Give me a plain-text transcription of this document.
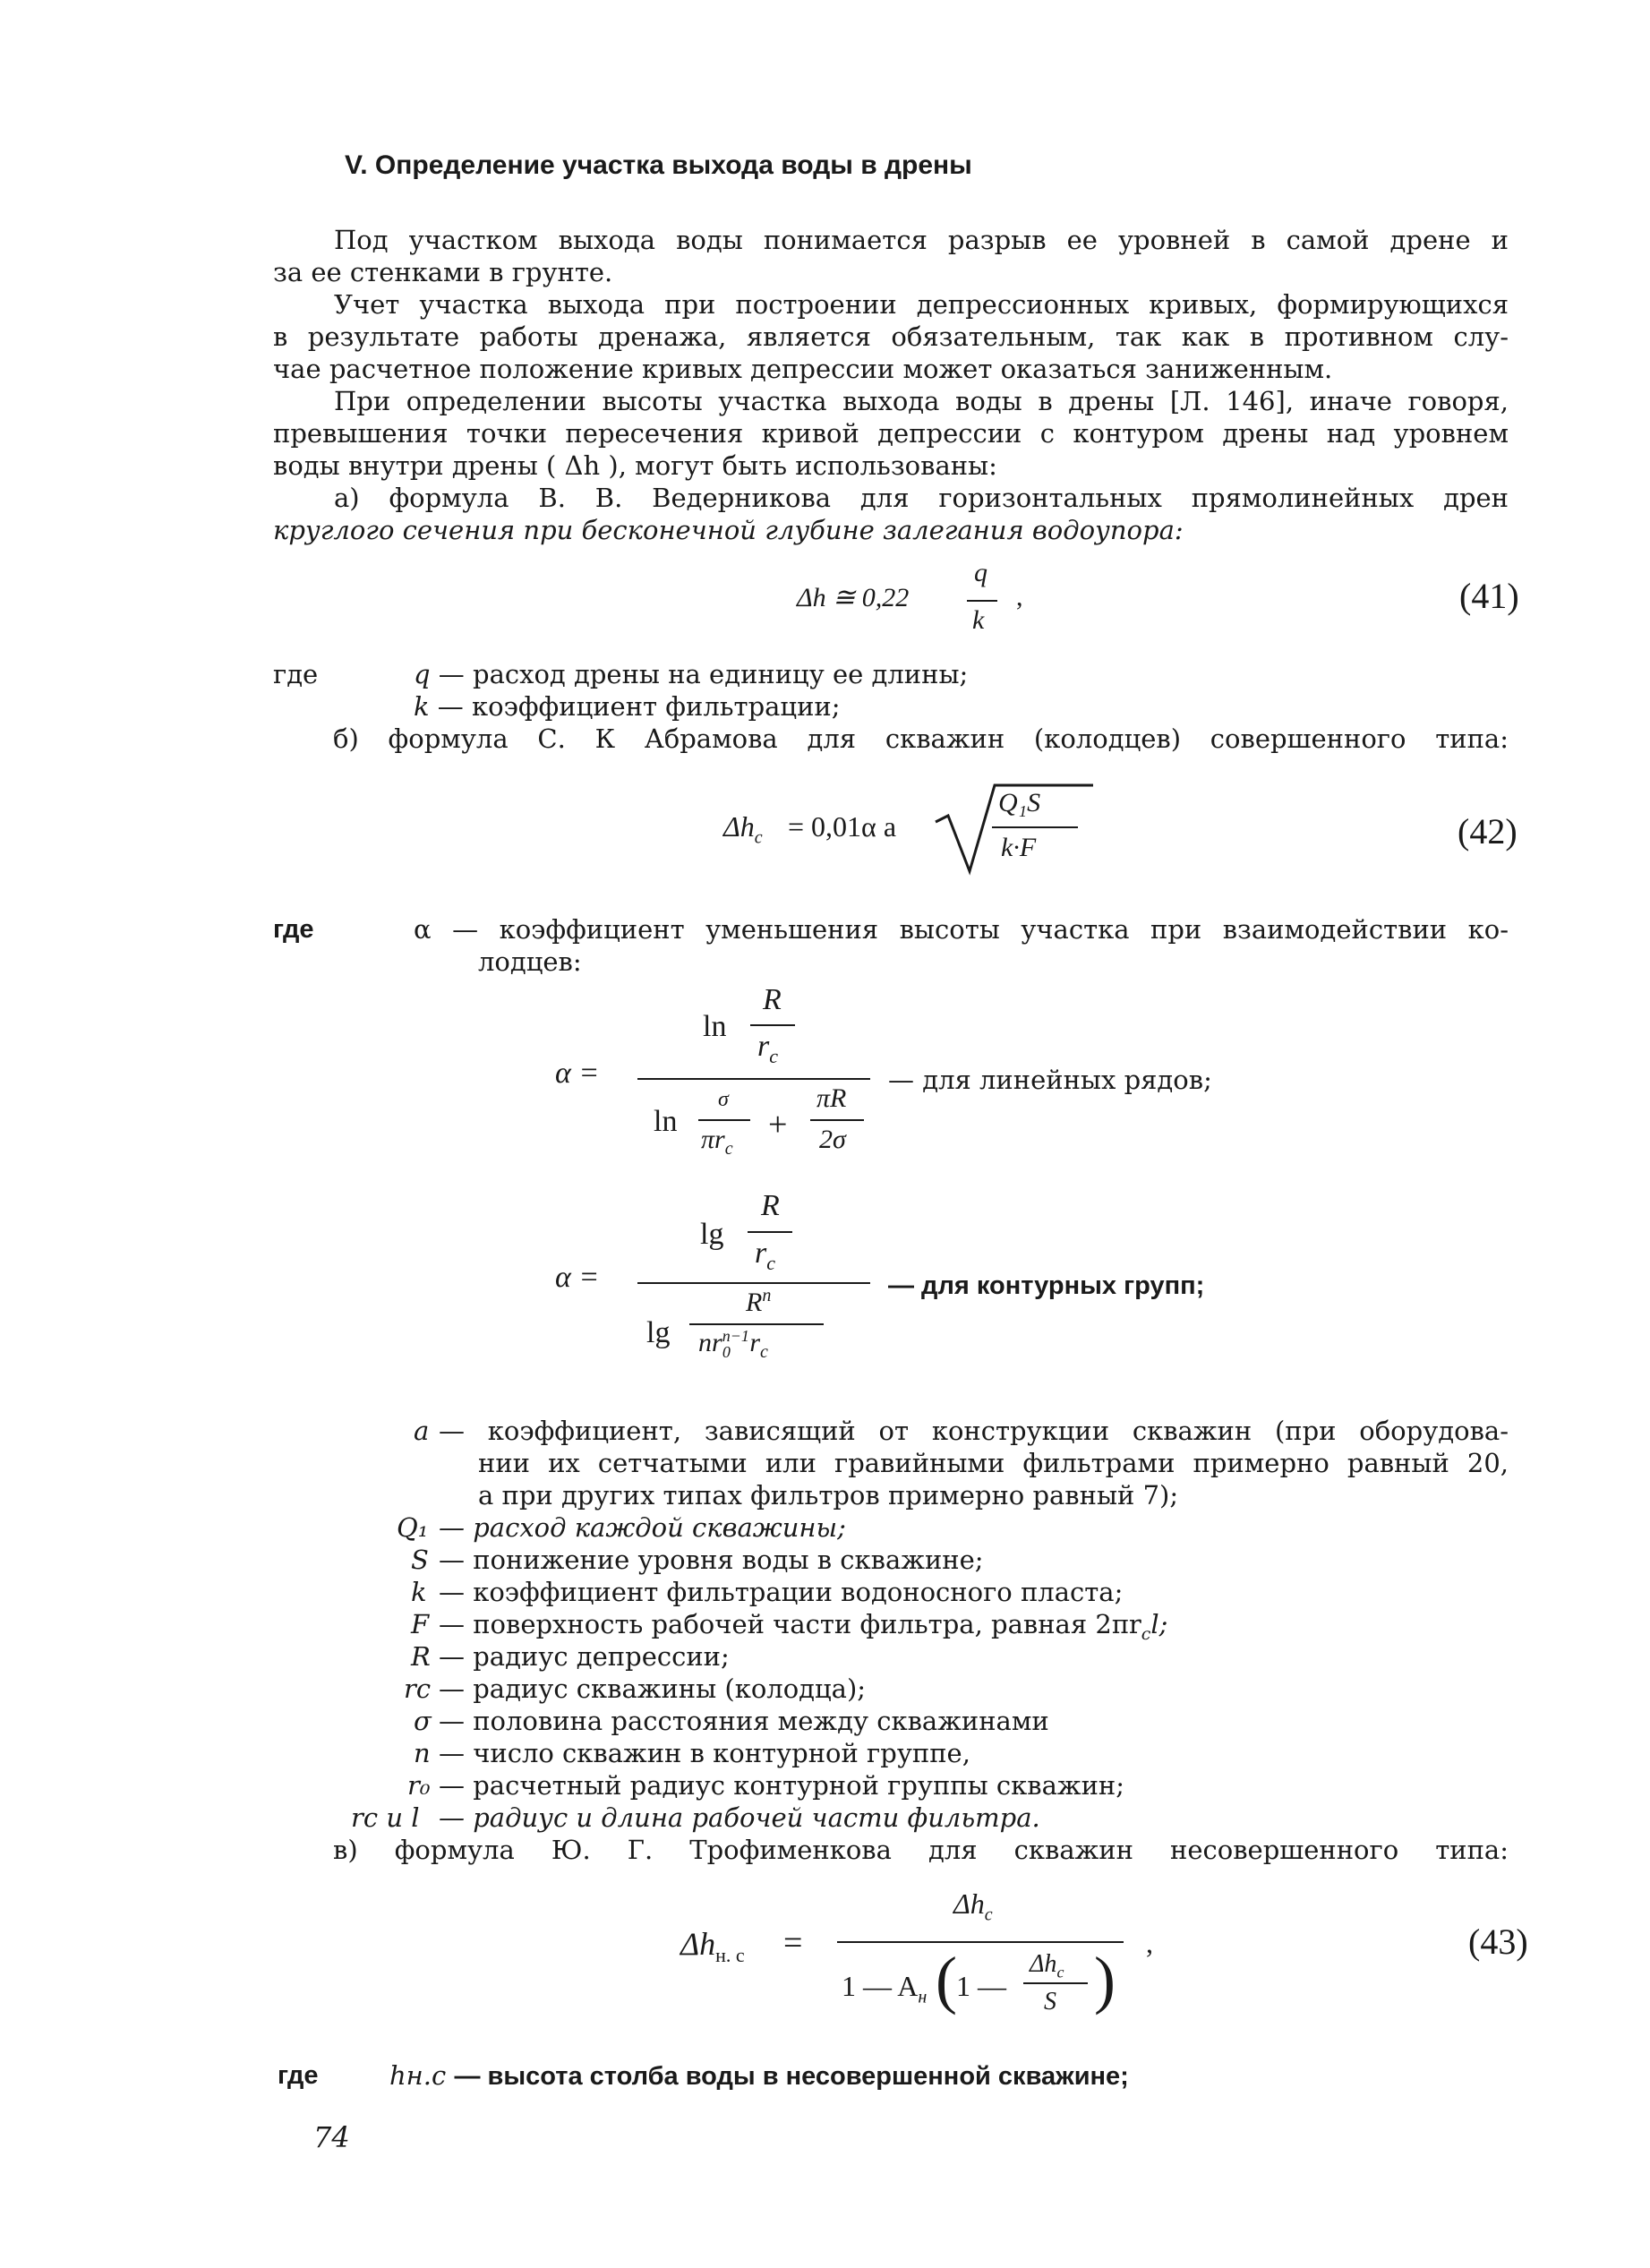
V. Определение участка выхода воды в дрены
Под участком выхода воды понимается разрыв ее уровней в самой дрене и
за ее стенками в грунте.
Учет участка выхода при построении депрессионных кривых, формирующихся
в результате работы дренажа, является обязательным, так как в противном слу-
чае расчетное положение кривых депрессии может оказаться заниженным.
При определении высоты участка выхода воды в дрены [Л. 146], иначе говоря,
превышения точки пересечения кривой депрессии с контуром дрены над уровнем
воды внутри дрены ( Δh ), могут быть использованы:
а) формула В. В. Ведерникова для горизонтальных прямолинейных дрен
круглого сечения при бесконечной глубине залегания водоупора:
Δh ≅ 0,22
q
k
,	(41)
где	q — расход дрены на единицу ее длины;
k — коэффициент фильтрации;
б) формула С. К Абрамова для скважин (колодцев) совершенного типа:
$\Delta h_с = 0,01\alpha$ a
Q₁S
k·F	(42)
где	α — коэффициент уменьшения высоты участка при взаимодействии ко-
лодцев:
α =
ln
R
$r_с$
ln
σ
$\pi r_с$
+
πR
2σ
— для линейных рядов;
α =
lg
R
$r_с$
$R^n$
$\lg nr^{n-1}_0$ $r_с$
— для контурных групп;
a — коэффициент, зависящий от конструкции скважин (при оборудова-
нии их сетчатыми или гравийными фильтрами примерно равный 20,
а при других типах фильтров примерно равный 7);
Q₁ — расход каждой скважины;
S — понижение уровня воды в скважине;
k — коэффициент фильтрации водоносного пласта;
F — поверхность рабочей части фильтра, равная $2\pi r_сl$;
R — радиус депрессии;
rс — радиус скважины (колодца);
σ — половина расстояния между скважинами
n — число скважин в контурной группе,
r₀ — расчетный радиус контурной группы скважин;
rс и l — радиус и длина рабочей части фильтра.
в) формула Ю. Г. Трофименкова для скважин несовершенного типа:
$\Delta h_{н. с}$ =
$\Delta h_с$
1 — $A_н$ ( 1 —
$\Delta h_с$
S )
,	(43)
где	hн.с — высота столба воды в несовершенной скважине;
74
